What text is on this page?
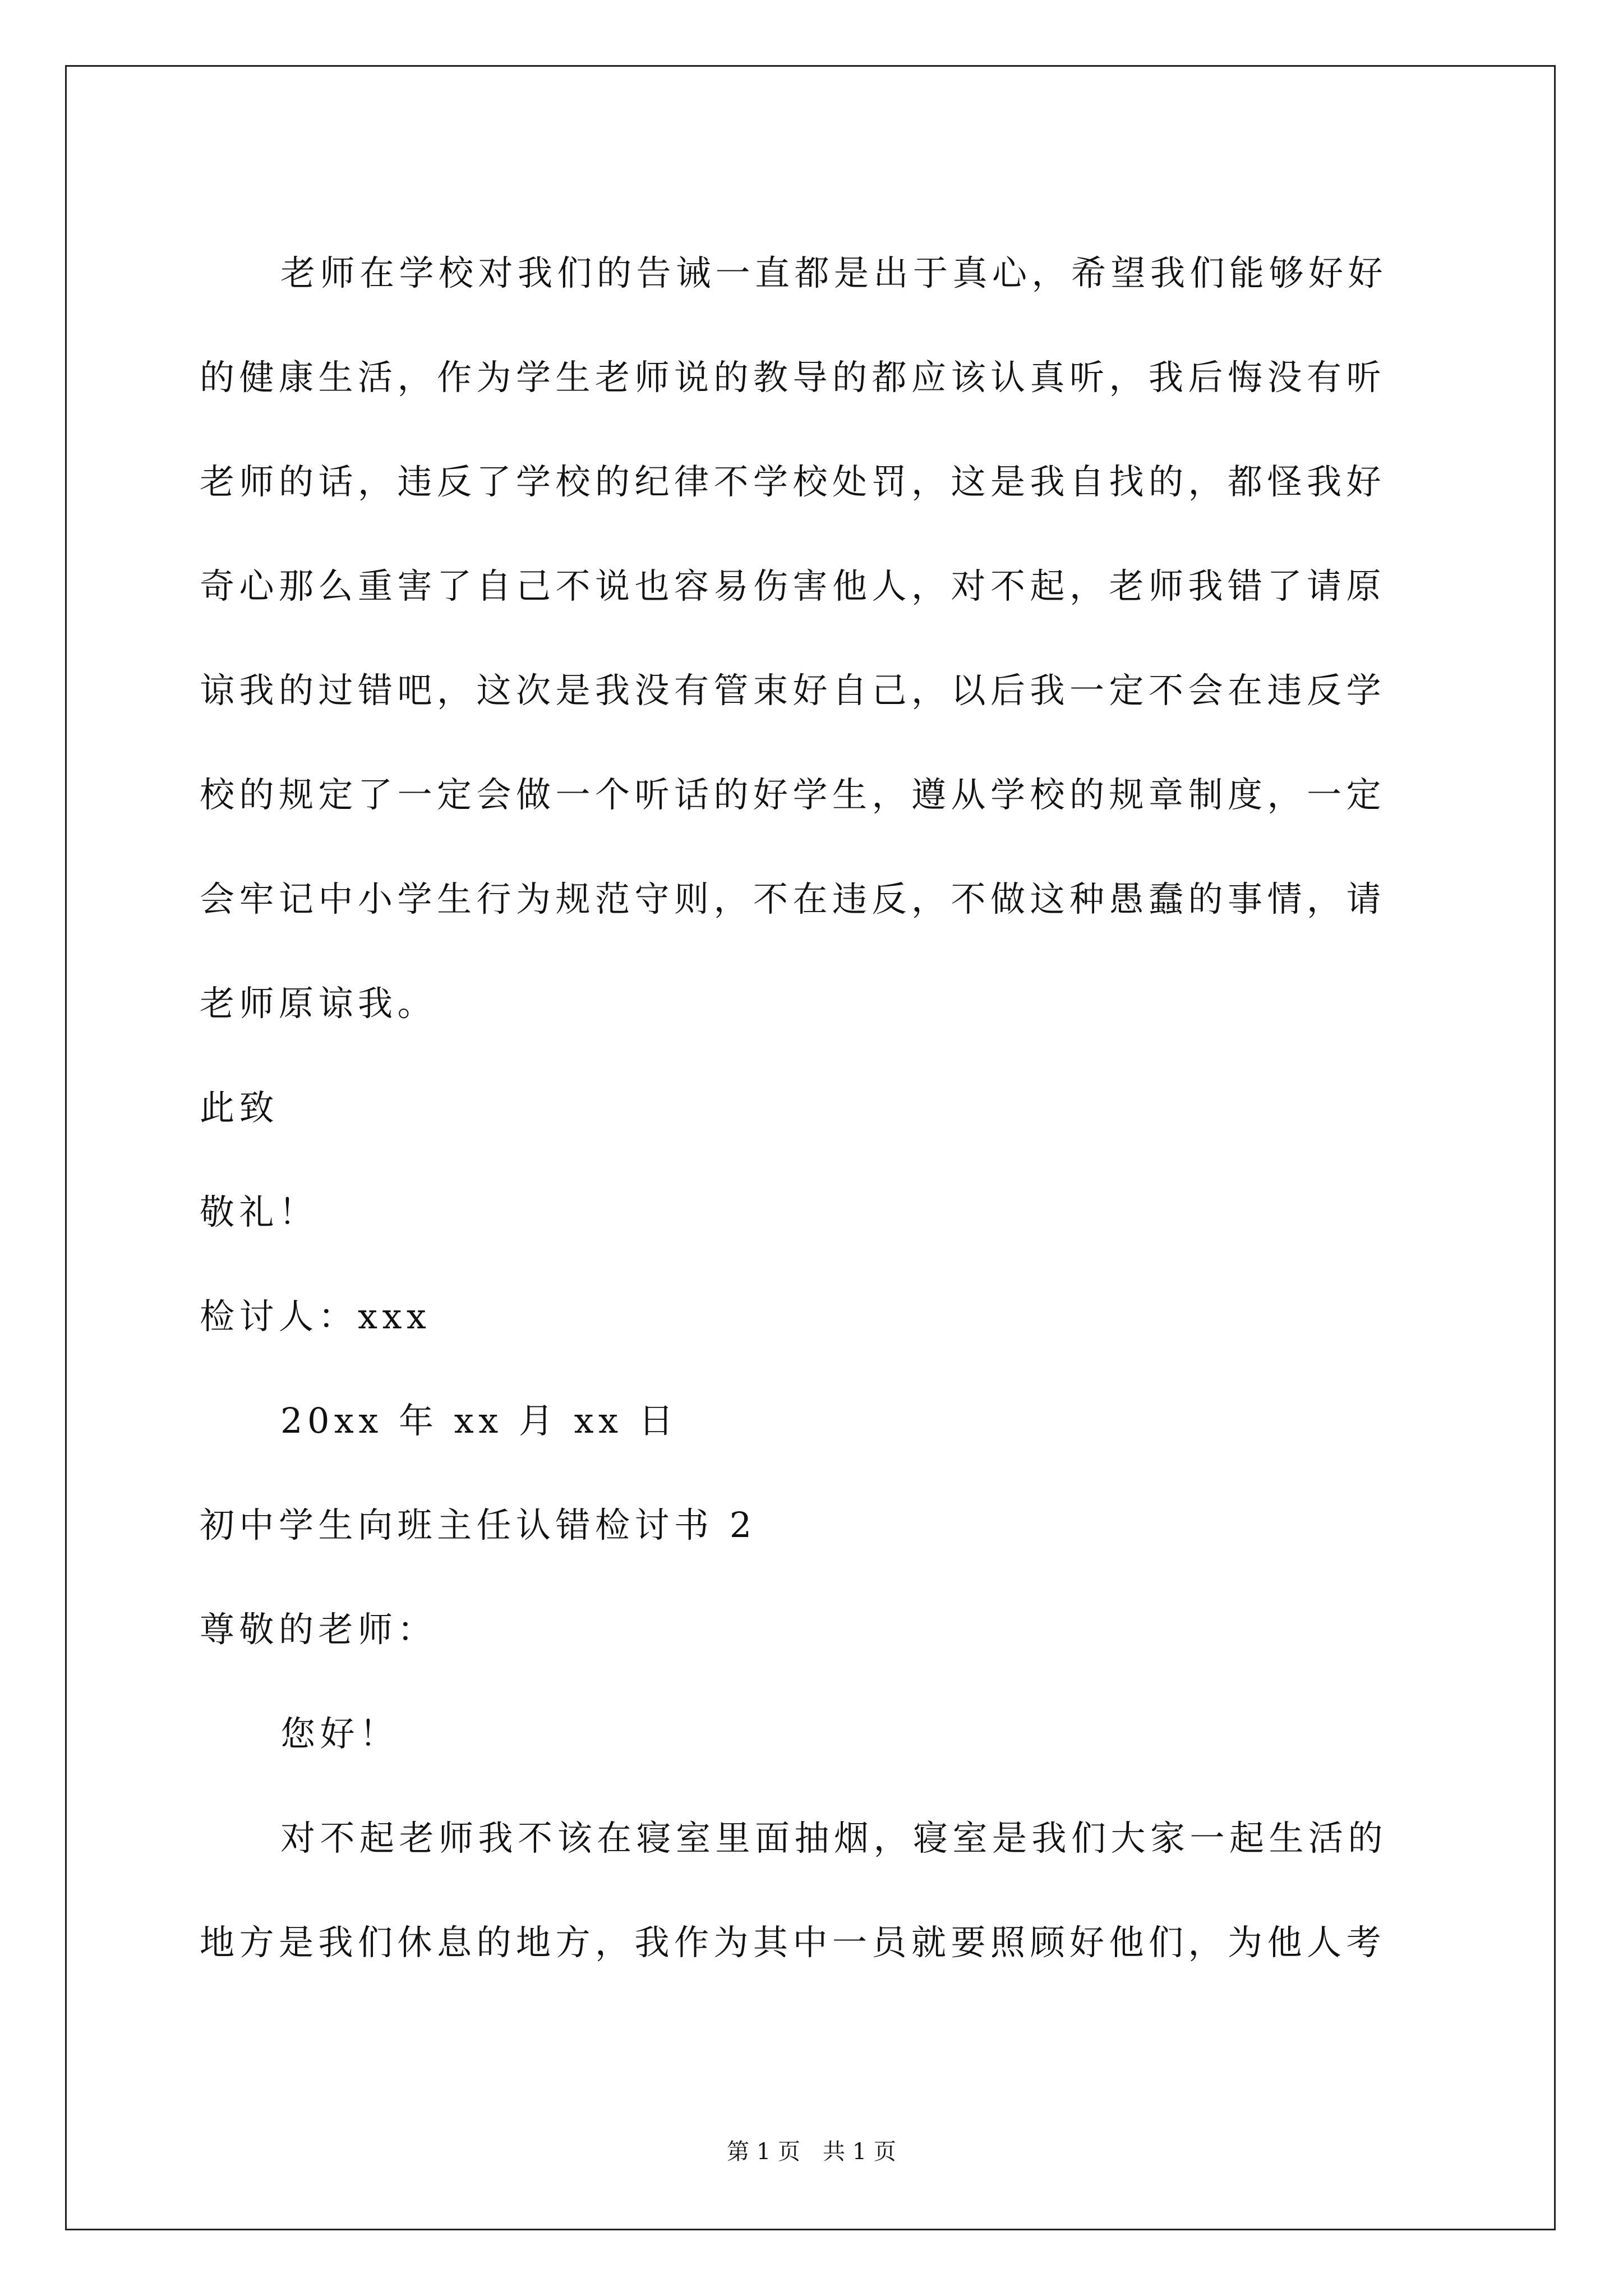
老师在学校对我们的告诫一直都是出于真心，希望我们能够好好
的健康生活，作为学生老师说的教导的都应该认真听，我后悔没有听
老师的话，违反了学校的纪律不学校处罚，这是我自找的，都怪我好
奇心那么重害了自己不说也容易伤害他人，对不起，老师我错了请原
谅我的过错吧，这次是我没有管束好自己，以后我一定不会在违反学
校的规定了一定会做一个听话的好学生，遵从学校的规章制度，一定
会牢记中小学生行为规范守则，不在违反，不做这种愚蠢的事情，请
老师原谅我。
此致
敬礼！
检讨人：xxx
20xx 年 xx 月 xx 日
初中学生向班主任认错检讨书 2
尊敬的老师：
您好！
对不起老师我不该在寝室里面抽烟，寝室是我们大家一起生活的
地方是我们休息的地方，我作为其中一员就要照顾好他们，为他人考
第 1 页　共 1 页
